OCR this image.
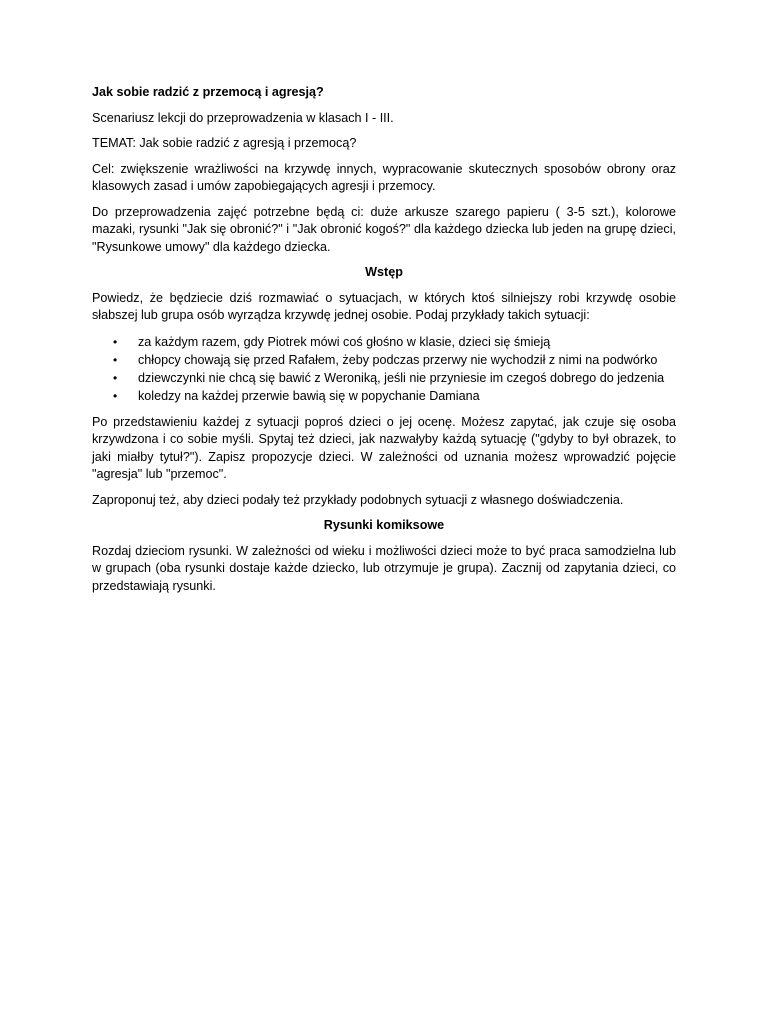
Jak sobie radzić z przemocą i agresją?

Scenariusz lekcji do przeprowadzenia w klasach I - III.

TEMAT: Jak sobie radzić z agresją i przemocą?

Cel: zwiększenie wrażliwości na krzywdę innych, wypracowanie skutecznych sposobów obrony oraz klasowych zasad i umów zapobiegających agresji i przemocy.

Do przeprowadzenia zajęć potrzebne będą ci: duże arkusze szarego papieru ( 3-5 szt.), kolorowe mazaki, rysunki "Jak się obronić?" i "Jak obronić kogoś?" dla każdego dziecka lub jeden na grupę dzieci, "Rysunkowe umowy" dla każdego dziecka.

Wstęp

Powiedz, że będziecie dziś rozmawiać o sytuacjach, w których ktoś silniejszy robi krzywdę osobie słabszej lub grupa osób wyrządza krzywdę jednej osobie. Podaj przykłady takich sytuacji:

• za każdym razem, gdy Piotrek mówi coś głośno w klasie, dzieci się śmieją
• chłopcy chowają się przed Rafałem, żeby podczas przerwy nie wychodził z nimi na podwórko
• dziewczynki nie chcą się bawić z Weroniką, jeśli nie przyniesie im czegoś dobrego do jedzenia
• koledzy na każdej przerwie bawią się w popychanie Damiana

Po przedstawieniu każdej z sytuacji poproś dzieci o jej ocenę. Możesz zapytać, jak czuje się osoba krzywdzona i co sobie myśli. Spytaj też dzieci, jak nazwałyby każdą sytuację ("gdyby to był obrazek, to jaki miałby tytuł?"). Zapisz propozycje dzieci. W zależności od uznania możesz wprowadzić pojęcie "agresja" lub "przemoc".

Zaproponuj też, aby dzieci podały też przykłady podobnych sytuacji z własnego doświadczenia.

Rysunki komiksowe

Rozdaj dzieciom rysunki. W zależności od wieku i możliwości dzieci może to być praca samodzielna lub w grupach (oba rysunki dostaje każde dziecko, lub otrzymuje je grupa). Zacznij od zapytania dzieci, co przedstawiają rysunki.
